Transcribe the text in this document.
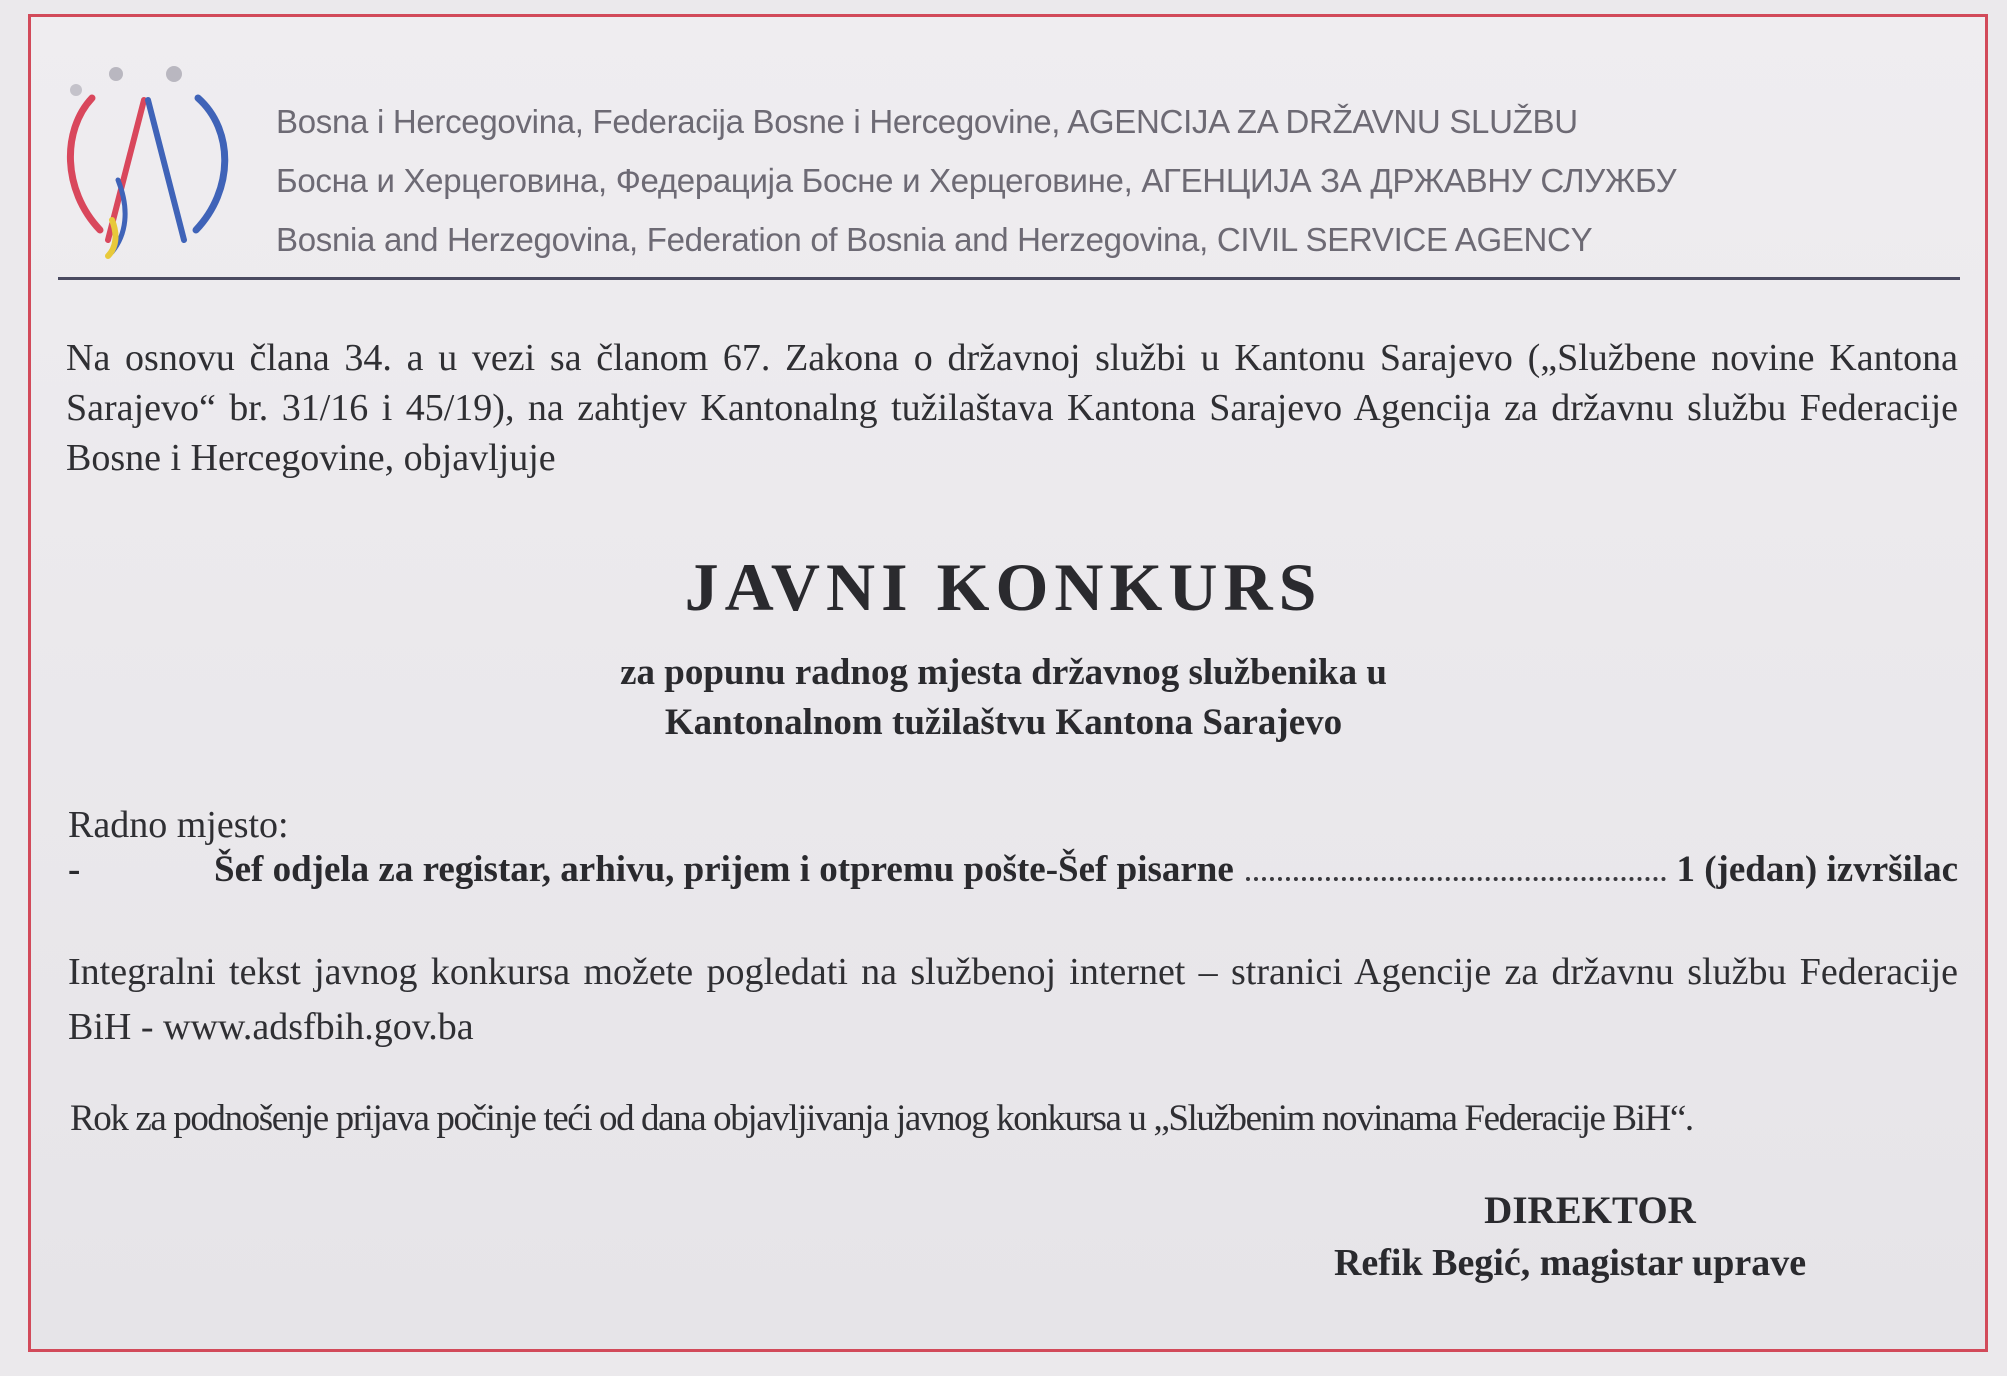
Bosna i Hercegovina, Federacija Bosne i Hercegovine, AGENCIJA ZA DRŽAVNU SLUŽBU
Босна и Херцеговина, Федерација Босне и Херцеговине, АГЕНЦИЈА ЗА ДРЖАВНУ СЛУЖБУ
Bosnia and Herzegovina, Federation of Bosnia and Herzegovina, CIVIL SERVICE AGENCY
Na osnovu člana 34. a u vezi sa članom 67. Zakona o državnoj službi u Kantonu Sarajevo („Službene novine Kantona Sarajevo“ br. 31/16 i 45/19), na zahtjev Kantonalng tužilaštava Kantona Sarajevo Agencija za državnu službu Federacije Bosne i Hercegovine, objavljuje
JAVNI KONKURS
za popunu radnog mjesta državnog službenika u
Kantonalnom tužilaštvu Kantona Sarajevo
Radno mjesto:
-	Šef odjela za registar, arhivu, prijem i otpremu pošte-Šef pisarne	1 (jedan) izvršilac
Integralni tekst javnog konkursa možete pogledati na službenoj internet – stranici Agencije za državnu službu Federacije BiH - www.adsfbih.gov.ba
Rok za podnošenje prijava počinje teći od dana objavljivanja javnog konkursa u „Službenim novinama Federacije BiH“.
DIREKTOR
Refik Begić, magistar uprave
